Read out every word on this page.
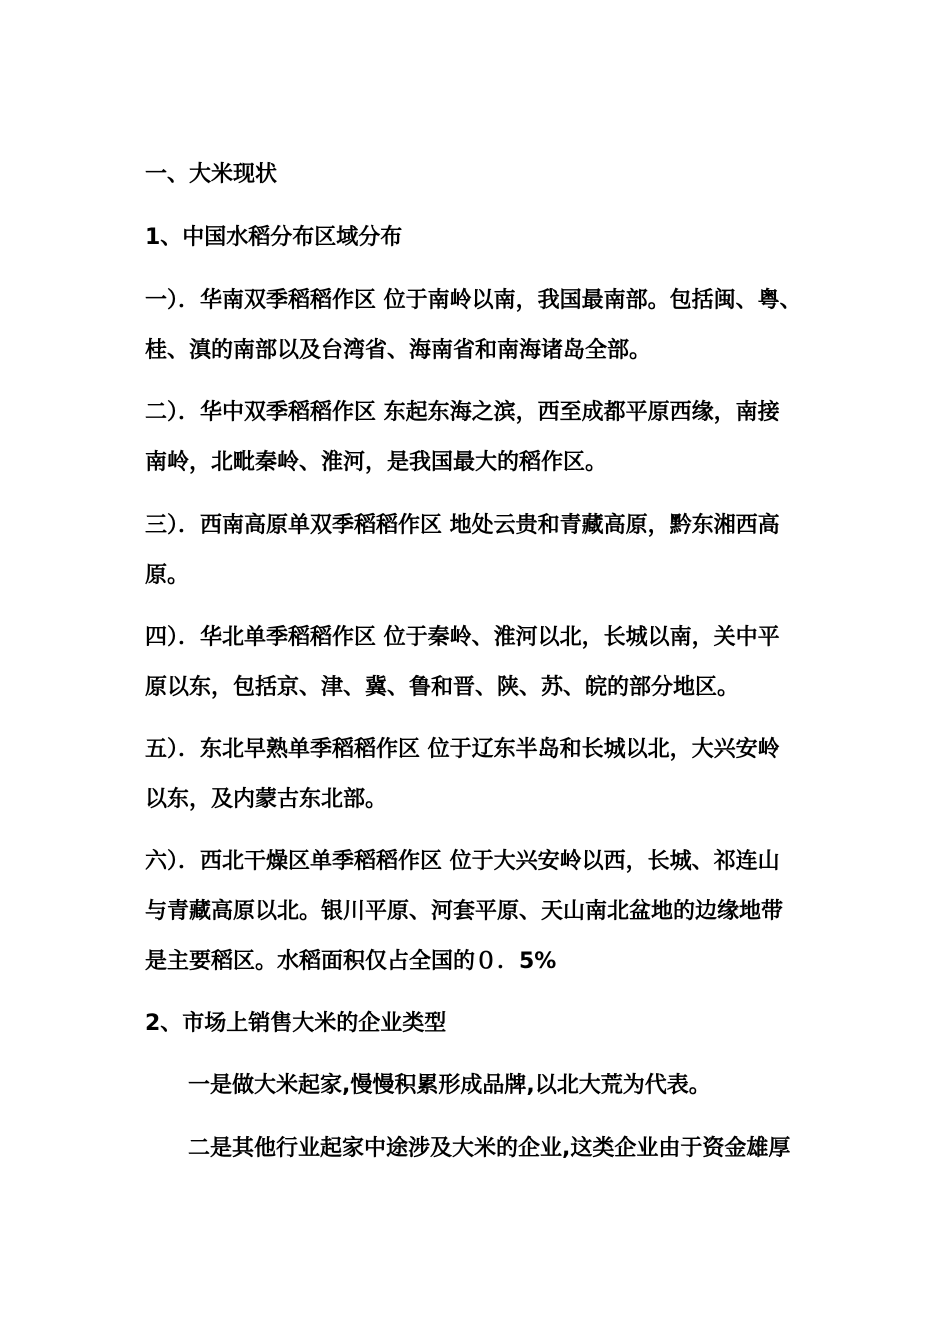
一、大米现状
1、中国水稻分布区域分布
一）．华南双季稻稻作区 位于南岭以南，我国最南部。包括闽、粤、
桂、滇的南部以及台湾省、海南省和南海诸岛全部。
二）．华中双季稻稻作区 东起东海之滨，西至成都平原西缘，南接
南岭，北毗秦岭、淮河，是我国最大的稻作区。
三）．西南高原单双季稻稻作区 地处云贵和青藏高原，黔东湘西高
原。
四）．华北单季稻稻作区 位于秦岭、淮河以北，长城以南，关中平
原以东，包括京、津、冀、鲁和晋、陕、苏、皖的部分地区。
五）．东北早熟单季稻稻作区 位于辽东半岛和长城以北，大兴安岭
以东，及内蒙古东北部。
六）．西北干燥区单季稻稻作区 位于大兴安岭以西，长城、祁连山
与青藏高原以北。银川平原、河套平原、天山南北盆地的边缘地带
是主要稻区。水稻面积仅占全国的０．5%
2、市场上销售大米的企业类型
一是做大米起家,慢慢积累形成品牌,以北大荒为代表。
二是其他行业起家中途涉及大米的企业,这类企业由于资金雄厚
